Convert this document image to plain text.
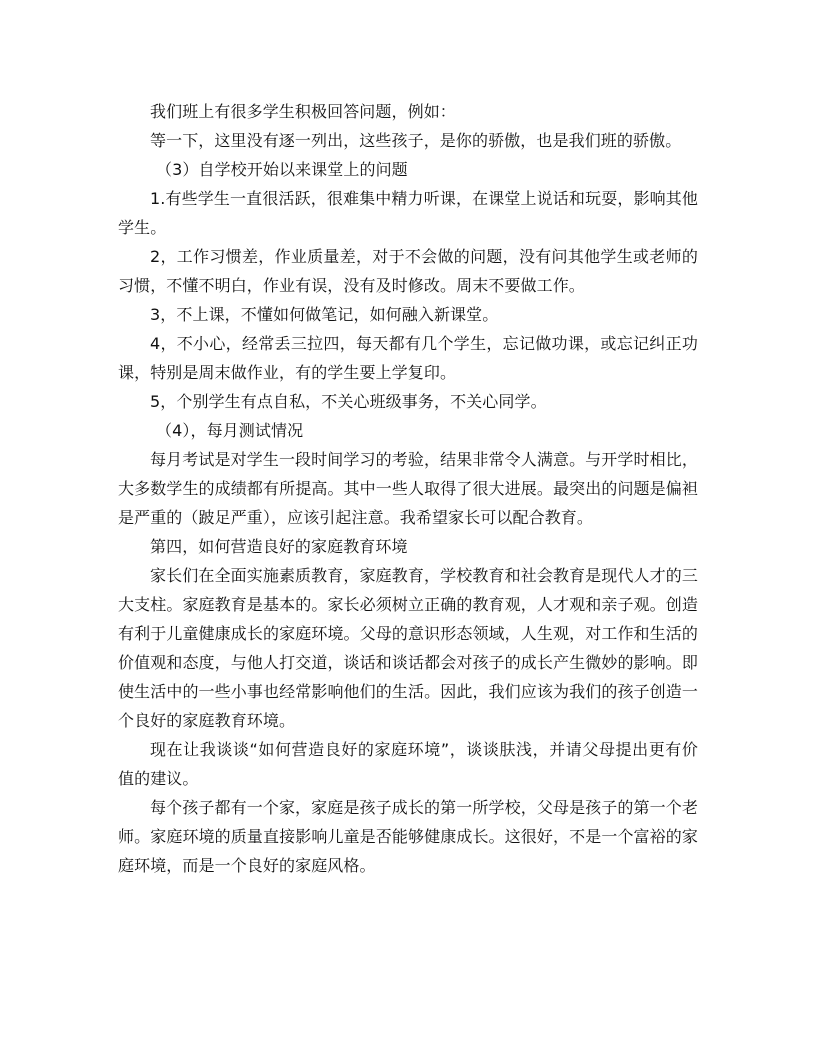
我们班上有很多学生积极回答问题，例如：

等一下，这里没有逐一列出，这些孩子，是你的骄傲，也是我们班的骄傲。

（3）自学校开始以来课堂上的问题

1.有些学生一直很活跃，很难集中精力听课，在课堂上说话和玩耍，影响其他学生。

2，工作习惯差，作业质量差，对于不会做的问题，没有问其他学生或老师的习惯，不懂不明白，作业有误，没有及时修改。周末不要做工作。

3，不上课，不懂如何做笔记，如何融入新课堂。

4，不小心，经常丢三拉四，每天都有几个学生，忘记做功课，或忘记纠正功课，特别是周末做作业，有的学生要上学复印。

5，个别学生有点自私，不关心班级事务，不关心同学。

（4），每月测试情况

每月考试是对学生一段时间学习的考验，结果非常令人满意。与开学时相比，大多数学生的成绩都有所提高。其中一些人取得了很大进展。最突出的问题是偏袒是严重的（跛足严重），应该引起注意。我希望家长可以配合教育。

第四，如何营造良好的家庭教育环境

家长们在全面实施素质教育，家庭教育，学校教育和社会教育是现代人才的三大支柱。家庭教育是基本的。家长必须树立正确的教育观，人才观和亲子观。创造有利于儿童健康成长的家庭环境。父母的意识形态领域，人生观，对工作和生活的价值观和态度，与他人打交道，谈话和谈话都会对孩子的成长产生微妙的影响。即使生活中的一些小事也经常影响他们的生活。因此，我们应该为我们的孩子创造一个良好的家庭教育环境。

现在让我谈谈“如何营造良好的家庭环境”，谈谈肤浅，并请父母提出更有价值的建议。

每个孩子都有一个家，家庭是孩子成长的第一所学校，父母是孩子的第一个老师。家庭环境的质量直接影响儿童是否能够健康成长。这很好，不是一个富裕的家庭环境，而是一个良好的家庭风格。
